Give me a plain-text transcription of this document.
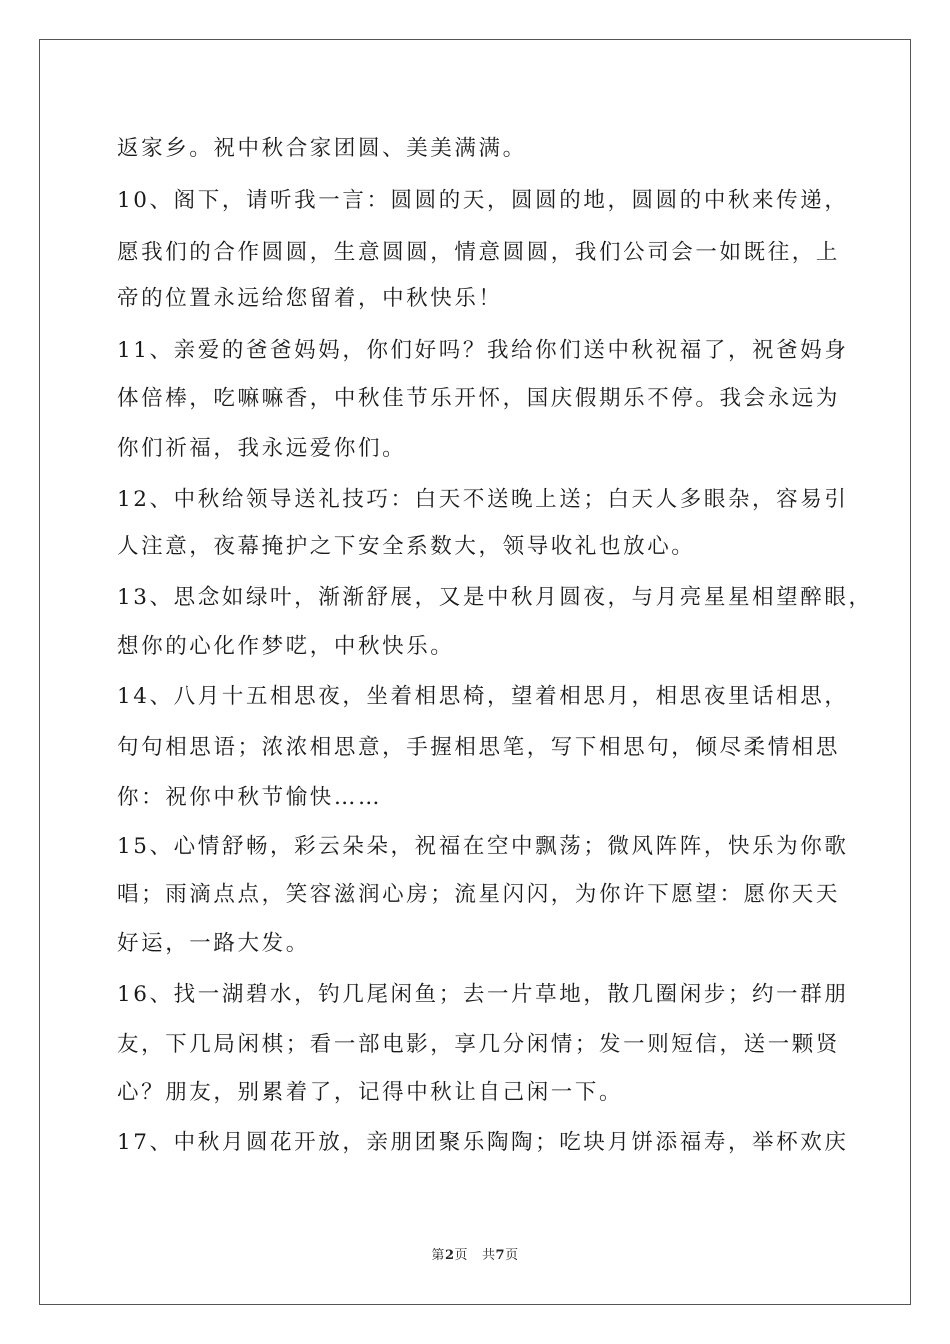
返家乡。祝中秋合家团圆、美美满满。
10、阁下，请听我一言：圆圆的天，圆圆的地，圆圆的中秋来传递，
愿我们的合作圆圆，生意圆圆，情意圆圆，我们公司会一如既往，上
帝的位置永远给您留着，中秋快乐！
11、亲爱的爸爸妈妈，你们好吗？我给你们送中秋祝福了，祝爸妈身
体倍棒，吃嘛嘛香，中秋佳节乐开怀，国庆假期乐不停。我会永远为
你们祈福，我永远爱你们。
12、中秋给领导送礼技巧：白天不送晚上送；白天人多眼杂，容易引
人注意，夜幕掩护之下安全系数大，领导收礼也放心。
13、思念如绿叶，渐渐舒展，又是中秋月圆夜，与月亮星星相望醉眼，
想你的心化作梦呓，中秋快乐。
14、八月十五相思夜，坐着相思椅，望着相思月，相思夜里话相思，
句句相思语；浓浓相思意，手握相思笔，写下相思句，倾尽柔情相思
你：祝你中秋节愉快……
15、心情舒畅，彩云朵朵，祝福在空中飘荡；微风阵阵，快乐为你歌
唱；雨滴点点，笑容滋润心房；流星闪闪，为你许下愿望：愿你天天
好运，一路大发。
16、找一湖碧水，钓几尾闲鱼；去一片草地，散几圈闲步；约一群朋
友，下几局闲棋；看一部电影，享几分闲情；发一则短信，送一颗贤
心？朋友，别累着了，记得中秋让自己闲一下。
17、中秋月圆花开放，亲朋团聚乐陶陶；吃块月饼添福寿，举杯欢庆
第2页 共7页
